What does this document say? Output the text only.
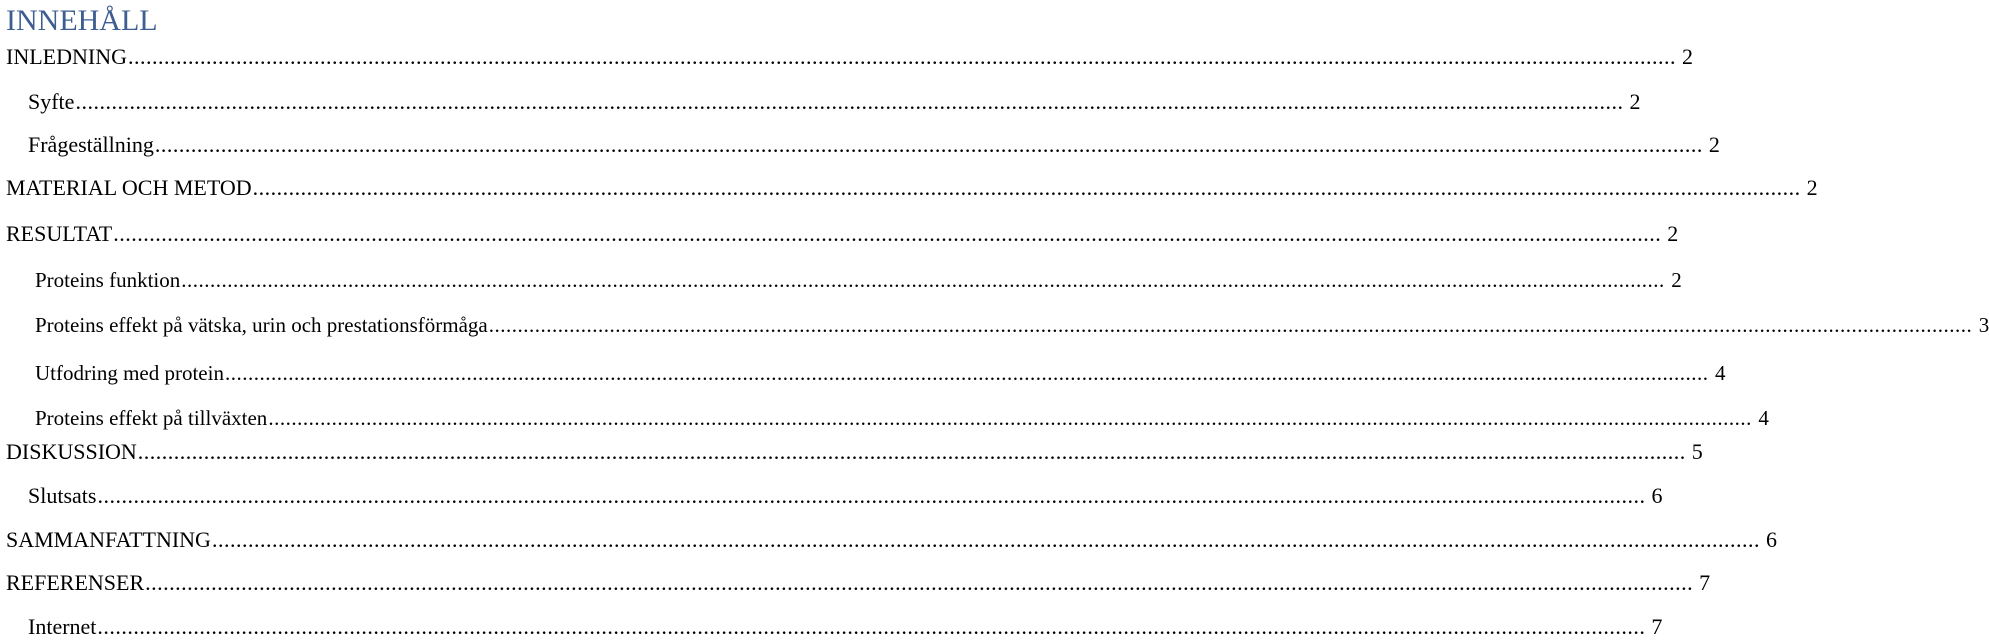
INNEHÅLL
INLEDNING .................................................................................................................................................................................................................................................................. 2
Syfte .................................................................................................................................................................................................................................................................. 2
Frågeställning .................................................................................................................................................................................................................................................................. 2
MATERIAL OCH METOD .................................................................................................................................................................................................................................................................. 2
RESULTAT .................................................................................................................................................................................................................................................................. 2
Proteins funktion .................................................................................................................................................................................................................................................................. 2
Proteins effekt på vätska, urin och prestationsförmåga .................................................................................................................................................................................................................................................................. 3
Utfodring med protein .................................................................................................................................................................................................................................................................. 4
Proteins effekt på tillväxten .................................................................................................................................................................................................................................................................. 4
DISKUSSION .................................................................................................................................................................................................................................................................. 5
Slutsats .................................................................................................................................................................................................................................................................. 6
SAMMANFATTNING .................................................................................................................................................................................................................................................................. 6
REFERENSER .................................................................................................................................................................................................................................................................. 7
Internet .................................................................................................................................................................................................................................................................. 7
